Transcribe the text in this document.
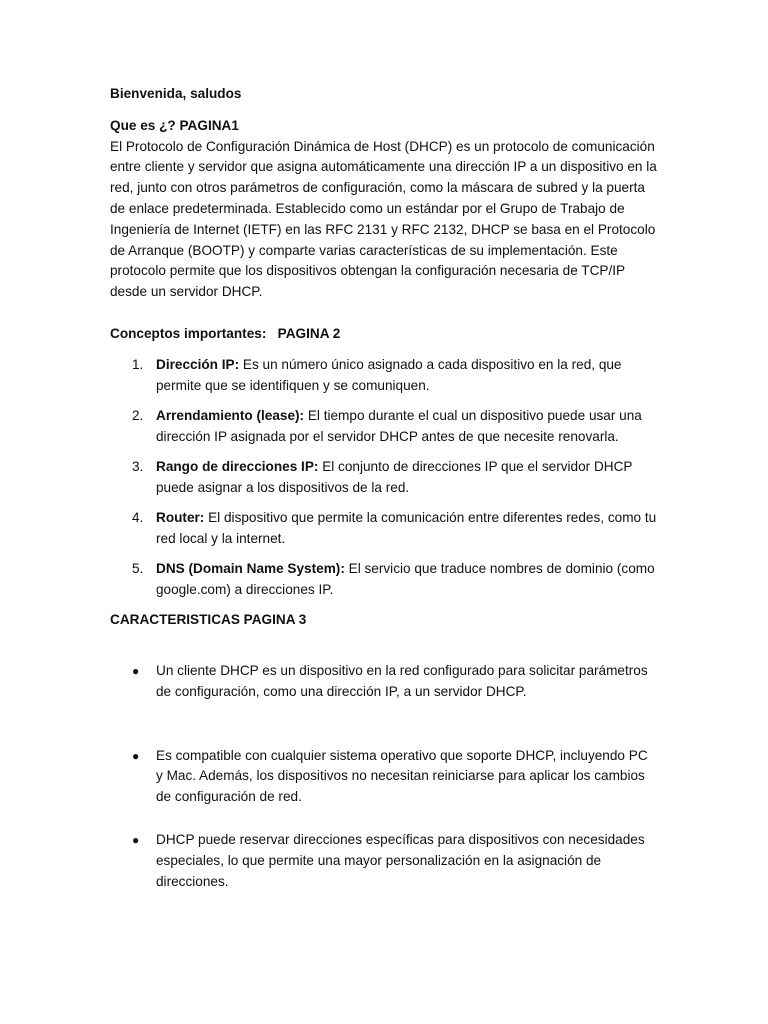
Bienvenida, saludos

Que es ¿? PAGINA1

El Protocolo de Configuración Dinámica de Host (DHCP) es un protocolo de comunicación entre cliente y servidor que asigna automáticamente una dirección IP a un dispositivo en la red, junto con otros parámetros de configuración, como la máscara de subred y la puerta de enlace predeterminada. Establecido como un estándar por el Grupo de Trabajo de Ingeniería de Internet (IETF) en las RFC 2131 y RFC 2132, DHCP se basa en el Protocolo de Arranque (BOOTP) y comparte varias características de su implementación. Este protocolo permite que los dispositivos obtengan la configuración necesaria de TCP/IP desde un servidor DHCP.

Conceptos importantes:   PAGINA 2

1. Dirección IP: Es un número único asignado a cada dispositivo en la red, que permite que se identifiquen y se comuniquen.
2. Arrendamiento (lease): El tiempo durante el cual un dispositivo puede usar una dirección IP asignada por el servidor DHCP antes de que necesite renovarla.
3. Rango de direcciones IP: El conjunto de direcciones IP que el servidor DHCP puede asignar a los dispositivos de la red.
4. Router: El dispositivo que permite la comunicación entre diferentes redes, como tu red local y la internet.
5. DNS (Domain Name System): El servicio que traduce nombres de dominio (como google.com) a direcciones IP.

CARACTERISTICAS PAGINA 3

● Un cliente DHCP es un dispositivo en la red configurado para solicitar parámetros de configuración, como una dirección IP, a un servidor DHCP.
● Es compatible con cualquier sistema operativo que soporte DHCP, incluyendo PC y Mac. Además, los dispositivos no necesitan reiniciarse para aplicar los cambios de configuración de red.
● DHCP puede reservar direcciones específicas para dispositivos con necesidades especiales, lo que permite una mayor personalización en la asignación de direcciones.
